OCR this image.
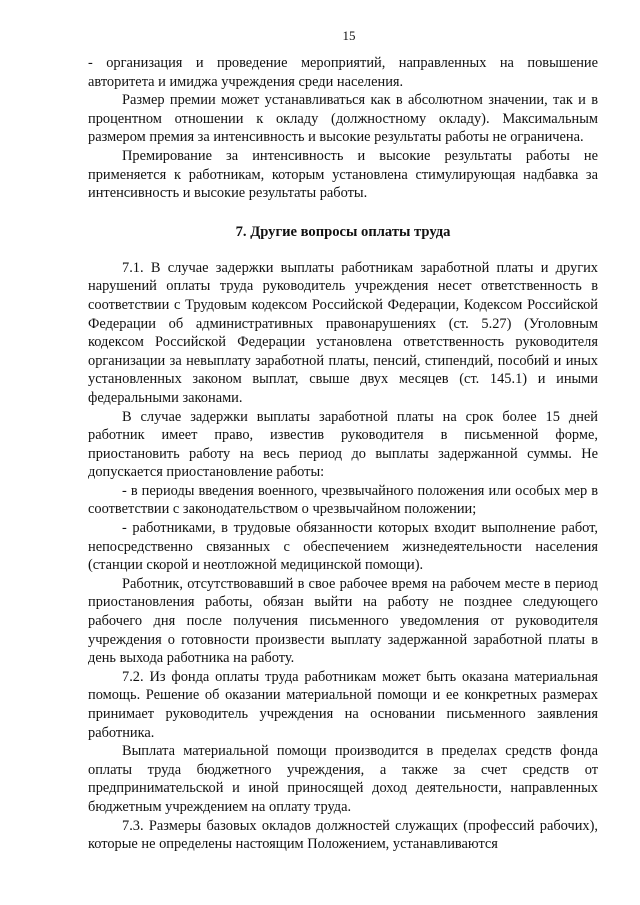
15

- организация и проведение мероприятий, направленных на повышение авторитета и имиджа учреждения среди населения.

Размер премии может устанавливаться как в абсолютном значении, так и в процентном отношении к окладу (должностному окладу). Максимальным размером премия за интенсивность и высокие результаты работы не ограничена.

Премирование за интенсивность и высокие результаты работы не применяется к работникам, которым установлена стимулирующая надбавка за интенсивность и высокие результаты работы.

7. Другие вопросы оплаты труда

7.1. В случае задержки выплаты работникам заработной платы и других нарушений оплаты труда руководитель учреждения несет ответственность в соответствии с Трудовым кодексом Российской Федерации, Кодексом Российской Федерации об административных правонарушениях (ст. 5.27) (Уголовным кодексом Российской Федерации установлена ответственность руководителя организации за невыплату заработной платы, пенсий, стипендий, пособий и иных установленных законом выплат, свыше двух месяцев (ст. 145.1) и иными федеральными законами.

В случае задержки выплаты заработной платы на срок более 15 дней работник имеет право, известив руководителя в письменной форме, приостановить работу на весь период до выплаты задержанной суммы. Не допускается приостановление работы:

- в периоды введения военного, чрезвычайного положения или особых мер в соответствии с законодательством о чрезвычайном положении;

- работниками, в трудовые обязанности которых входит выполнение работ, непосредственно связанных с обеспечением жизнедеятельности населения (станции скорой и неотложной медицинской помощи).

Работник, отсутствовавший в свое рабочее время на рабочем месте в период приостановления работы, обязан выйти на работу не позднее следующего рабочего дня после получения письменного уведомления от руководителя учреждения о готовности произвести выплату задержанной заработной платы в день выхода работника на работу.

7.2. Из фонда оплаты труда работникам может быть оказана материальная помощь. Решение об оказании материальной помощи и ее конкретных размерах принимает руководитель учреждения на основании письменного заявления работника.

Выплата материальной помощи производится в пределах средств фонда оплаты труда бюджетного учреждения, а также за счет средств от предпринимательской и иной приносящей доход деятельности, направленных бюджетным учреждением на оплату труда.

7.3. Размеры базовых окладов должностей служащих (профессий рабочих), которые не определены настоящим Положением, устанавливаются
